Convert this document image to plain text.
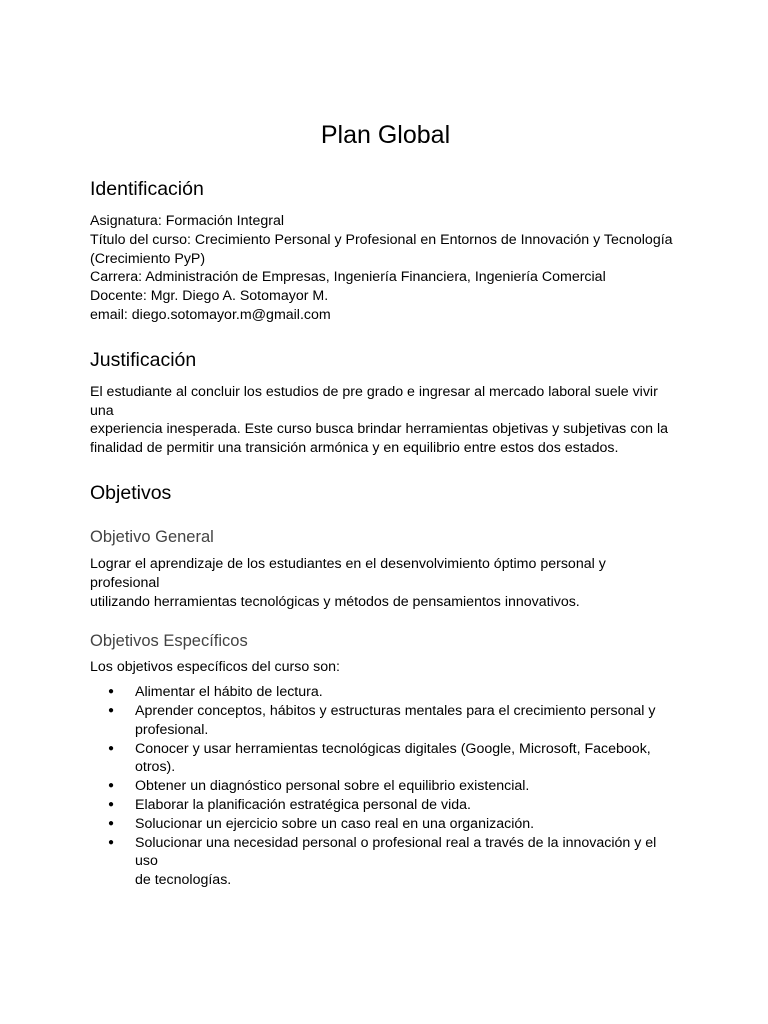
Plan Global
Identificación
Asignatura: Formación Integral
Título del curso: Crecimiento Personal y Profesional en Entornos de Innovación y Tecnología
(Crecimiento PyP)
Carrera: Administración de Empresas, Ingeniería Financiera, Ingeniería Comercial
Docente: Mgr. Diego A. Sotomayor M.
email: diego.sotomayor.m@gmail.com
Justificación
El estudiante al concluir los estudios de pre grado e ingresar al mercado laboral suele vivir una
experiencia inesperada. Este curso busca brindar herramientas objetivas y subjetivas con la
finalidad de permitir una transición armónica y en equilibrio entre estos dos estados.
Objetivos
Objetivo General
Lograr el aprendizaje de los estudiantes en el desenvolvimiento óptimo personal y profesional
utilizando herramientas tecnológicas y métodos de pensamientos innovativos.
Objetivos Específicos

Los objetivos específicos del curso son:

● Alimentar el hábito de lectura.
● Aprender conceptos, hábitos y estructuras mentales para el crecimiento personal y
profesional.
● Conocer y usar herramientas tecnológicas digitales (Google, Microsoft, Facebook,
otros).
● Obtener un diagnóstico personal sobre el equilibrio existencial.
● Elaborar la planificación estratégica personal de vida.
● Solucionar un ejercicio sobre un caso real en una organización.
● Solucionar una necesidad personal o profesional real a través de la innovación y el uso
de tecnologías.
